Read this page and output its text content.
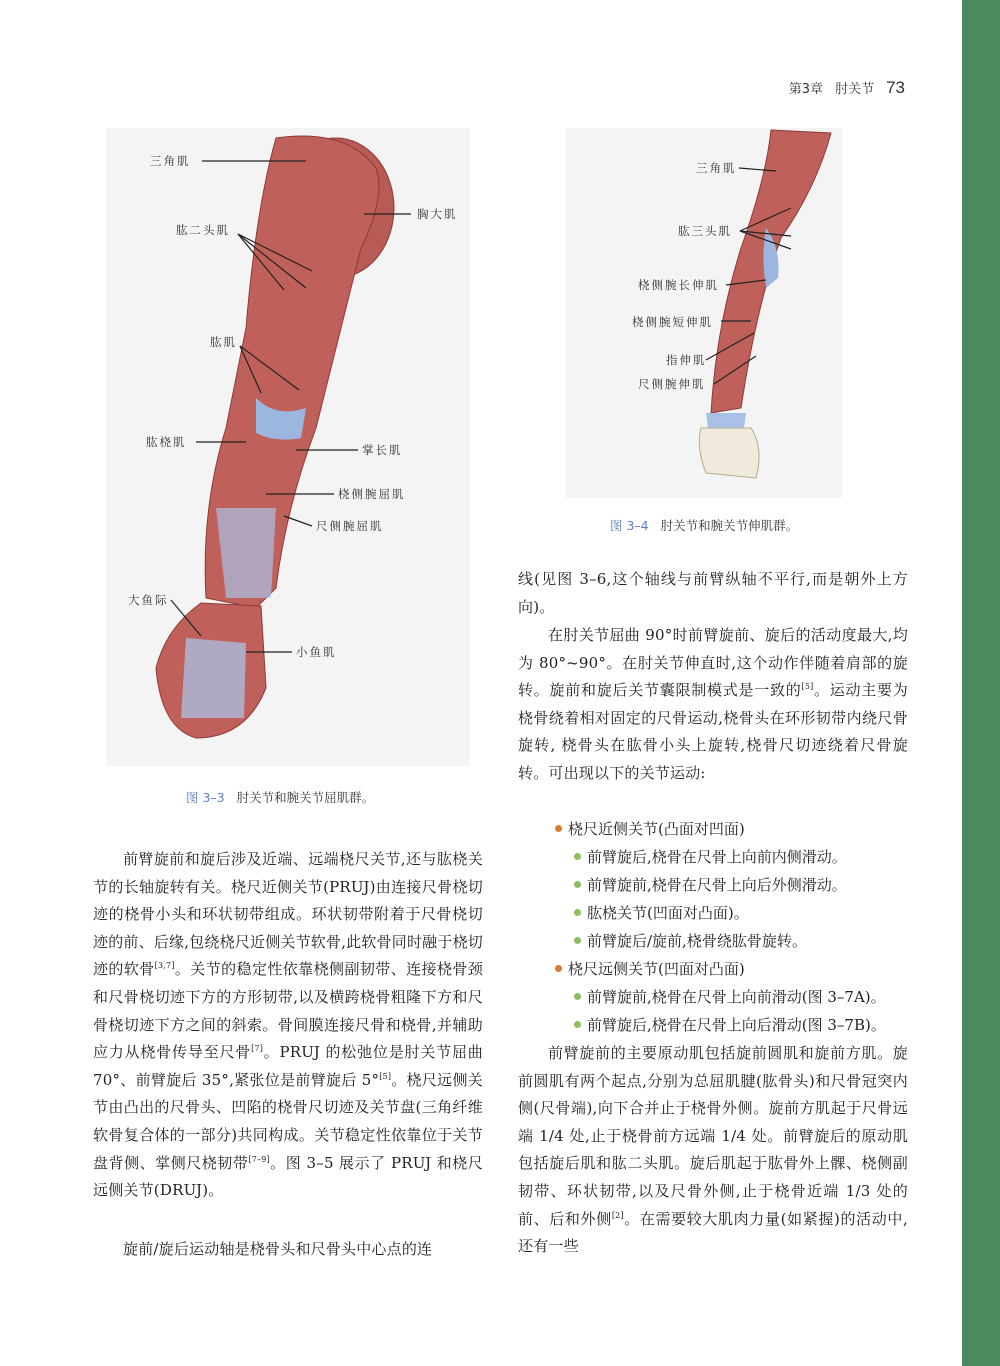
第3章 肘关节 73
三角肌
胸大肌
肱二头肌
肱肌
肱桡肌
掌长肌
桡侧腕屈肌
尺侧腕屈肌
大鱼际
小鱼肌
图 3–3 肘关节和腕关节屈肌群。
三角肌
肱三头肌
桡侧腕长伸肌
桡侧腕短伸肌
指伸肌
尺侧腕伸肌
图 3–4 肘关节和腕关节伸肌群。
线(见图 3–6,这个轴线与前臂纵轴不平行,而是朝外上方向)。
在肘关节屈曲 90°时前臂旋前、旋后的活动度最大,均为 80°~90°。在肘关节伸直时,这个动作伴随着肩部的旋转。旋前和旋后关节囊限制模式是一致的[5]。运动主要为桡骨绕着相对固定的尺骨运动,桡骨头在环形韧带内绕尺骨旋转, 桡骨头在肱骨小头上旋转,桡骨尺切迹绕着尺骨旋转。可出现以下的关节运动:
桡尺近侧关节(凸面对凹面)
前臂旋后,桡骨在尺骨上向前内侧滑动。
前臂旋前,桡骨在尺骨上向后外侧滑动。
肱桡关节(凹面对凸面)。
前臂旋后/旋前,桡骨绕肱骨旋转。
桡尺远侧关节(凹面对凸面)
前臂旋前,桡骨在尺骨上向前滑动(图 3–7A)。
前臂旋后,桡骨在尺骨上向后滑动(图 3–7B)。
前臂旋前的主要原动肌包括旋前圆肌和旋前方肌。旋前圆肌有两个起点,分别为总屈肌腱(肱骨头)和尺骨冠突内侧(尺骨端),向下合并止于桡骨外侧。旋前方肌起于尺骨远端 1/4 处,止于桡骨前方远端 1/4 处。前臂旋后的原动肌包括旋后肌和肱二头肌。旋后肌起于肱骨外上髁、桡侧副韧带、环状韧带,以及尺骨外侧,止于桡骨近端 1/3 处的前、后和外侧[2]。在需要较大肌肉力量(如紧握)的活动中,还有一些
前臂旋前和旋后涉及近端、远端桡尺关节,还与肱桡关节的长轴旋转有关。桡尺近侧关节(PRUJ)由连接尺骨桡切迹的桡骨小头和环状韧带组成。环状韧带附着于尺骨桡切迹的前、后缘,包绕桡尺近侧关节软骨,此软骨同时融于桡切迹的软骨[3,7]。关节的稳定性依靠桡侧副韧带、连接桡骨颈和尺骨桡切迹下方的方形韧带,以及横跨桡骨粗隆下方和尺骨桡切迹下方之间的斜索。骨间膜连接尺骨和桡骨,并辅助应力从桡骨传导至尺骨[7]。PRUJ 的松弛位是肘关节屈曲 70°、前臂旋后 35°,紧张位是前臂旋后 5°[5]。桡尺远侧关节由凸出的尺骨头、凹陷的桡骨尺切迹及关节盘(三角纤维软骨复合体的一部分)共同构成。关节稳定性依靠位于关节盘背侧、掌侧尺桡韧带[7–9]。图 3–5 展示了 PRUJ 和桡尺远侧关节(DRUJ)。
旋前/旋后运动轴是桡骨头和尺骨头中心点的连
